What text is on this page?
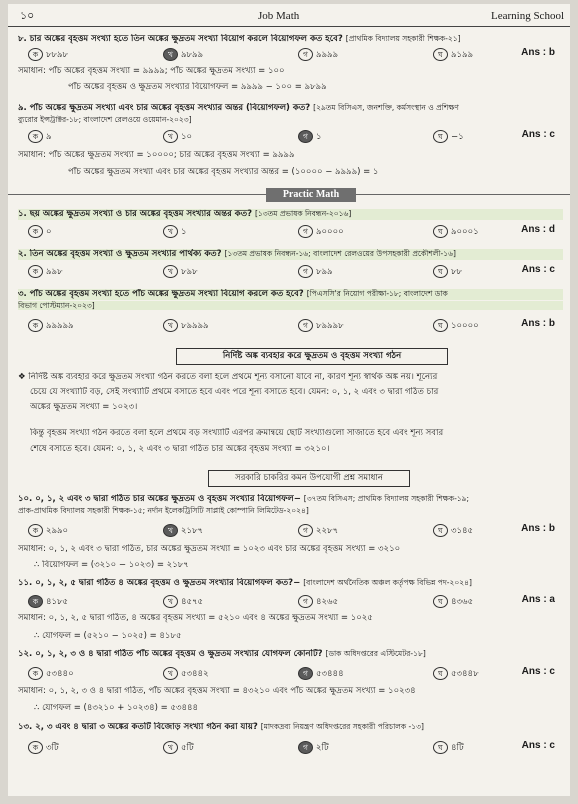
১০	Job Math	Learning School
৮. চার অঙ্কের বৃহত্তম সংখ্যা হতে তিন অঙ্কের ক্ষুদ্রতম সংখ্যা বিয়োগ করলে বিয়োগফল কত হবে? [প্রাথমিক বিদ্যালয় সহকারী শিক্ষক-২১]
ক ৮৮৯৮	খ ৯৮৯৯	গ ৯৯৯৯	ঘ ৯১৯৯	Ans : b
সমাধান: পাঁচ অঙ্কের বৃহত্তম সংখ্যা = ৯৯৯৯; পাঁচ অঙ্কের ক্ষুদ্রতম সংখ্যা = ১০০
পাঁচ অঙ্কের বৃহত্তম ও ক্ষুদ্রতম সংখ্যার বিয়োগফল = ৯৯৯৯ − ১০০ = ৯৮৯৯
৯. পাঁচ অঙ্কের ক্ষুদ্রতম সংখ্যা এবং চার অঙ্কের বৃহত্তম সংখ্যার অন্তর (বিয়োগফল) কত? [২৯তম বিসিএস, জনশক্তি, কর্মসংস্থান ও প্রশিক্ষণ
ব্যুরোর ইন্সট্রাক্টর-১৮; বাংলাদেশ রেলওয়ে ওয়েমান-২০২৩]
ক ৯	খ ১০	গ ১	ঘ −১	Ans : c
সমাধান: পাঁচ অঙ্কের ক্ষুদ্রতম সংখ্যা = ১০০০০; চার অঙ্কের বৃহত্তম সংখ্যা = ৯৯৯৯
পাঁচ অঙ্কের ক্ষুদ্রতম সংখ্যা এবং চার অঙ্কের বৃহত্তম সংখ্যার অন্তর = (১০০০০ − ৯৯৯৯) = ১
Practic Math
১. ছয় অঙ্কের ক্ষুদ্রতম সংখ্যা ও চার অঙ্কের বৃহত্তম সংখ্যার অন্তর কত? [১৩তম প্রভাষক নিবন্ধন-২০১৬]
ক ০	খ ১	গ ৯০০০০	ঘ ৯০০০১	Ans : d
২. তিন অঙ্কের বৃহত্তম সংখ্যা ও ক্ষুদ্রতম সংখ্যার পার্থক্য কত? [১৩তম প্রভাষক নিবন্ধন-১৬; বাংলাদেশ রেলওয়ের উপসহকারী প্রকৌশলী-১৬]
ক ৯৯৮	খ ৮৯৮	গ ৮৯৯	ঘ ৮৮	Ans : c
৩. পাঁচ অঙ্কের বৃহত্তম সংখ্যা হতে পাঁচ অঙ্কের ক্ষুদ্রতম সংখ্যা বিয়োগ করলে কত হবে? [পিএসসি'র নিয়োগ পরীক্ষা-১৮; বাংলাদেশ ডাক
বিভাগ পোস্টম্যান-২০২৩]
ক ৯৯৯৯৯	খ ৮৯৯৯৯	গ ৮৯৯৯৮	ঘ ১০০০০	Ans : b
নির্দিষ্ট অঙ্ক ব্যবহার করে ক্ষুদ্রতম ও বৃহত্তম সংখ্যা গঠন
❖ নির্দিষ্ট অঙ্ক ব্যবহার করে ক্ষুদ্রতম সংখ্যা গঠন করতে বলা হলে প্রথমে শূন্য বসানো যাবে না, কারণ শূন্য স্বার্থক অঙ্ক নয়। শূন্যের
চেয়ে যে সংখ্যাটি বড়, সেই সংখ্যাটি প্রথমে বসাতে হবে এবং পরে শূন্য বসাতে হবে। যেমন: ০, ১, ২ এবং ৩ দ্বারা গঠিত চার
অঙ্কের ক্ষুদ্রতম সংখ্যা = ১০২৩।
কিন্তু বৃহত্তম সংখ্যা গঠন করতে বলা হলে প্রথমে বড় সংখ্যাটি এরপর ক্রমান্বয়ে ছোট সংখ্যাগুলো সাজাতে হবে এবং শূন্য সবার
শেষে বসাতে হবে। যেমন: ০, ১, ২ এবং ৩ দ্বারা গঠিত চার অঙ্কের বৃহত্তম সংখ্যা = ৩২১০।
সরকারি চাকরির কমন উপযোগী প্রশ্ন সমাধান
১০. ০, ১, ২ এবং ৩ দ্বারা গঠিত চার অঙ্কের ক্ষুদ্রতম ও বৃহত্তম সংখ্যার বিয়োগফল− [৩৭তম বিসিএস; প্রাথমিক বিদ্যালয় সহকারী শিক্ষক-১৯;
প্রাক-প্রাথমিক বিদ্যালয় সহকারী শিক্ষক-১৫; নর্দান ইলেকট্রিসিটি সাপ্লাই কোম্পানি লিমিটেড-২০২৪]
ক ২৯৯০	খ ২১৮৭	গ ২২৮৭	ঘ ৩১৪৫	Ans : b
সমাধান: ০, ১, ২ এবং ৩ দ্বারা গঠিত, চার অঙ্কের ক্ষুদ্রতম সংখ্যা = ১০২৩ এবং চার অঙ্কের বৃহত্তম সংখ্যা = ৩২১০
∴ বিয়োগফল = (৩২১০ − ১০২৩) = ২১৮৭
১১. ০, ১, ২, ৫ দ্বারা গঠিত ৪ অঙ্কের বৃহত্তম ও ক্ষুদ্রতম সংখ্যার বিয়োগফল কত?− [বাংলাদেশ অর্থনৈতিক অঞ্চল কর্তৃপক্ষ বিভিন্ন পদ-২০২৪]
ক ৪১৮৫	খ ৪৫৭৫	গ ৪২৬৫	ঘ ৪৩৬৫	Ans : a
সমাধান: ০, ১, ২, ৫ দ্বারা গঠিত, ৪ অঙ্কের বৃহত্তম সংখ্যা = ৫২১০ এবং ৪ অঙ্কের ক্ষুদ্রতম সংখ্যা = ১০২৫
∴ যোগফল = (৫২১০ − ১০২৫) = ৪১৮৫
১২. ০, ১, ২, ৩ ও ৪ দ্বারা গঠিত পাঁচ অঙ্কের বৃহত্তম ও ক্ষুদ্রতম সংখ্যার যোগফল কোনটি? [ডাক অধিদপ্তরের এস্টিমেটর-১৮]
ক ৫৩৪৪০	খ ৫৩৪৪২	গ ৫৩৪৪৪	ঘ ৫৩৪৪৮	Ans : c
সমাধান: ০, ১, ২, ৩ ও ৪ দ্বারা গঠিত, পাঁচ অঙ্কের বৃহত্তম সংখ্যা = ৪৩২১০ এবং পাঁচ অঙ্কের ক্ষুদ্রতম সংখ্যা = ১০২৩৪
∴ যোগফল = (৪৩২১০ + ১০২৩৪) = ৫৩৪৪৪
১৩. ২, ৩ এবং ৪ দ্বারা ৩ অঙ্কের কতটি বিজোড় সংখ্যা গঠন করা যায়? [মাদকদ্রব্য নিয়ন্ত্রণ অধিদপ্তরের সহকারী পরিচালক -১৩]
ক ৩টি	খ ৫টি	গ ২টি	ঘ ৪টি	Ans : c
